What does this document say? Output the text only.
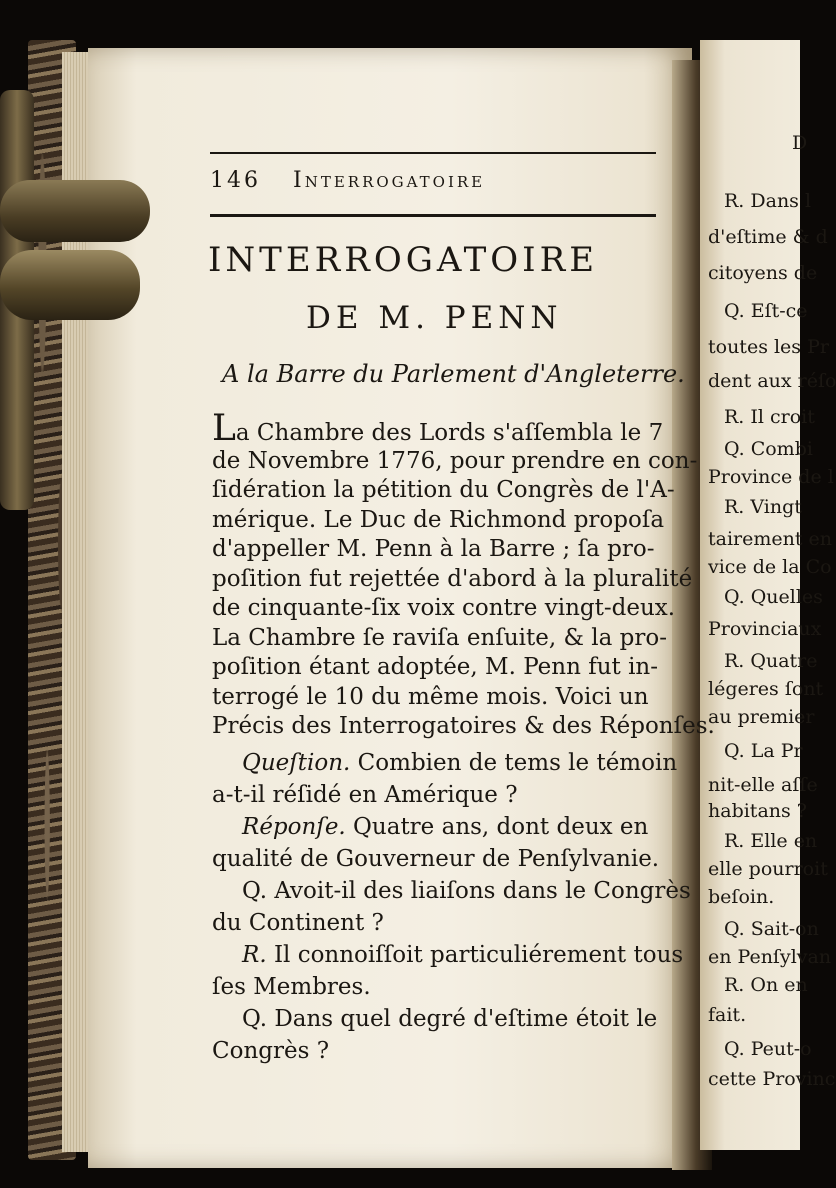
D
R. Dans l
d'eſtime & d
citoyens de
Q. Eſt-ce
toutes les Pr
dent aux réſo
R. Il croit
Q. Combi
Province de l
R. Vingt
tairement en
vice de la Co
Q. Quelles
Provinciaux
R. Quatre
légeres ſont
au premier
Q. La Pr
nit-elle aſſe
habitans ?
R. Elle en
elle pourroit
beſoin.
Q. Sait-on
en Penſylvan
R. On en
fait.
Q. Peut-o
cette Provinc
146 Interrogatoire
INTERROGATOIRE
DE M. PENN
A la Barre du Parlement d'Angleterre.
La Chambre des Lords s'aſſembla le 7
de Novembre 1776, pour prendre en con-
ſidération la pétition du Congrès de l'A-
mérique. Le Duc de Richmond propoſa
d'appeller M. Penn à la Barre ; ſa pro-
poſition fut rejettée d'abord à la pluralité
de cinquante-ſix voix contre vingt-deux.
La Chambre ſe raviſa enſuite, & la pro-
poſition étant adoptée, M. Penn fut in-
terrogé le 10 du même mois. Voici un
Précis des Interrogatoires & des Réponſes.
Queſtion. Combien de tems le témoin
a-t-il réſidé en Amérique ?
Réponſe. Quatre ans, dont deux en
qualité de Gouverneur de Penſylvanie.
Q. Avoit-il des liaiſons dans le Congrès
du Continent ?
R. Il connoiſſoit particuliérement tous
ſes Membres.
Q. Dans quel degré d'eſtime étoit le
Congrès ?
